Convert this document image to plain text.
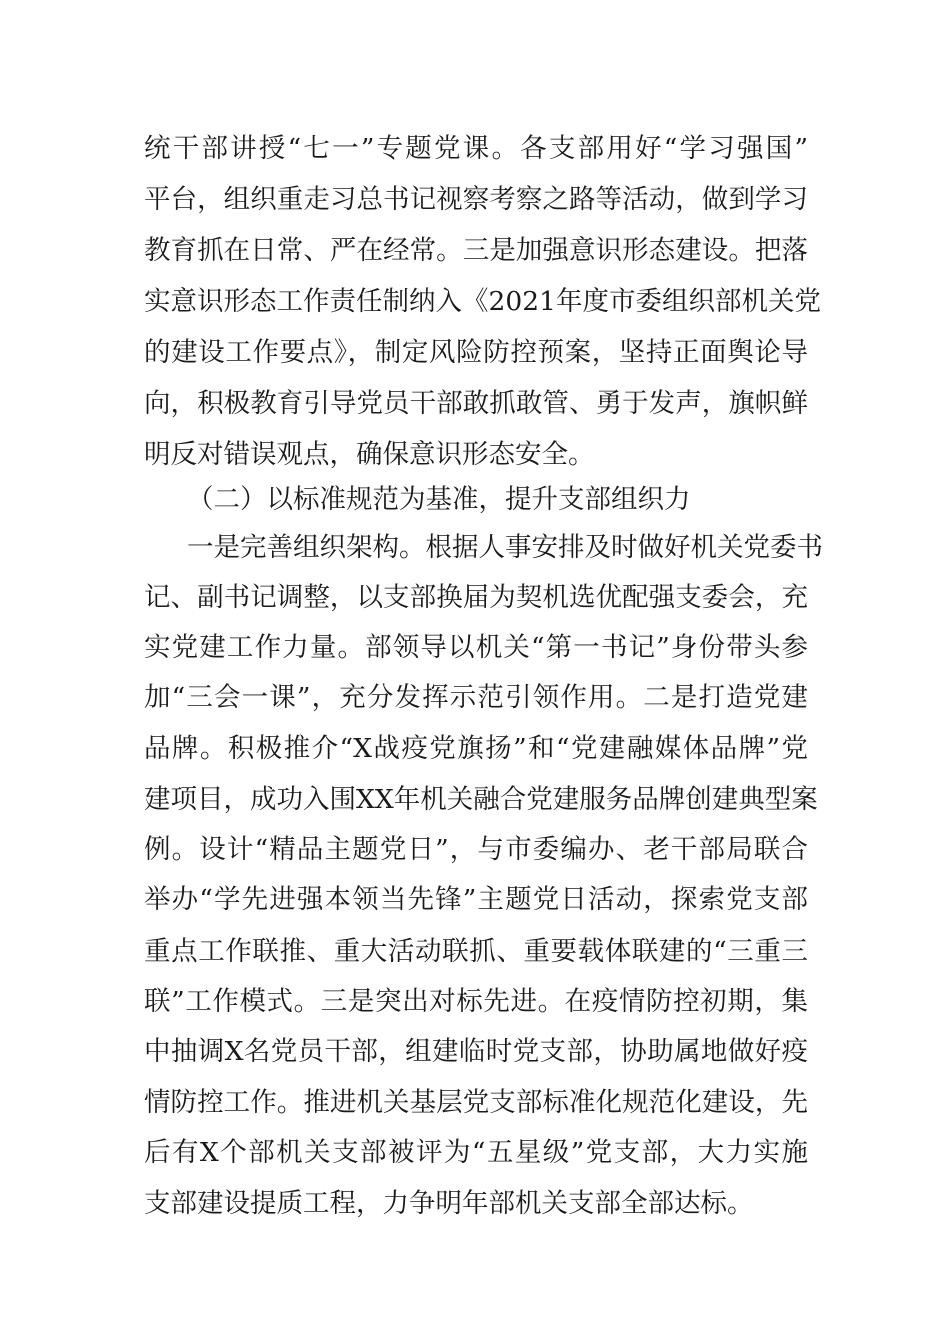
统干部讲授“七一”专题党课。各支部用好“学习强国”

平台，组织重走习总书记视察考察之路等活动，做到学习

教育抓在日常、严在经常。三是加强意识形态建设。把落

实意识形态工作责任制纳入《2021年度市委组织部机关党

的建设工作要点》，制定风险防控预案，坚持正面舆论导

向，积极教育引导党员干部敢抓敢管、勇于发声，旗帜鲜

明反对错误观点，确保意识形态安全。

（二）以标准规范为基准，提升支部组织力

一是完善组织架构。根据人事安排及时做好机关党委书

记、副书记调整，以支部换届为契机选优配强支委会，充

实党建工作力量。部领导以机关“第一书记”身份带头参

加“三会一课”，充分发挥示范引领作用。二是打造党建

品牌。积极推介“X战疫党旗扬”和“党建融媒体品牌”党

建项目，成功入围XX年机关融合党建服务品牌创建典型案

例。设计“精品主题党日”，与市委编办、老干部局联合

举办“学先进强本领当先锋”主题党日活动，探索党支部

重点工作联推、重大活动联抓、重要载体联建的“三重三

联”工作模式。三是突出对标先进。在疫情防控初期，集

中抽调X名党员干部，组建临时党支部，协助属地做好疫

情防控工作。推进机关基层党支部标准化规范化建设，先

后有X个部机关支部被评为“五星级”党支部，大力实施

支部建设提质工程，力争明年部机关支部全部达标。
